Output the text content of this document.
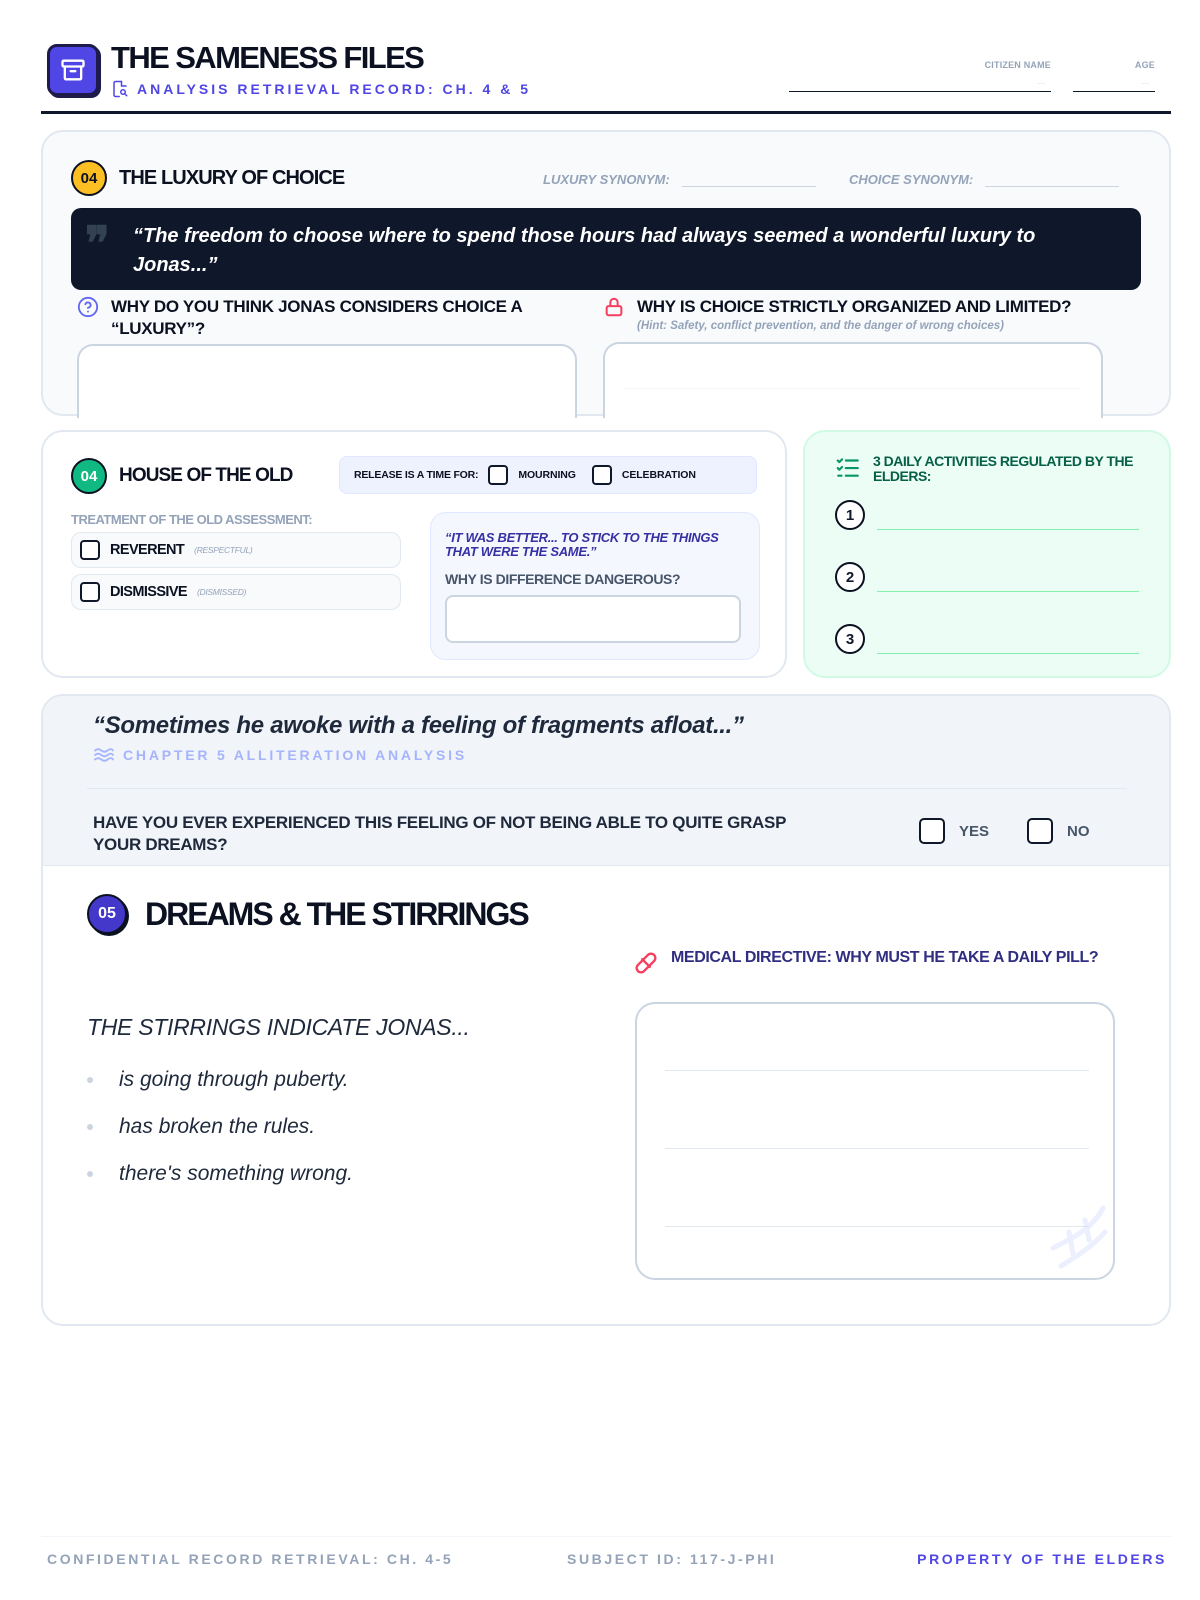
THE SAMENESS FILES
ANALYSIS RETRIEVAL RECORD: CH. 4 & 5
CITIZEN NAME
...
AGE
...
04	THE LUXURY OF CHOICE	LUXURY SYNONYM:	CHOICE SYNONYM:
❞ “The freedom to choose where to spend those hours had always seemed a wonderful luxury to Jonas...”
WHY DO YOU THINK JONAS CONSIDERS CHOICE A “LUXURY”?
WHY IS CHOICE STRICTLY ORGANIZED AND LIMITED?
(Hint: Safety, conflict prevention, and the danger of wrong choices)
04	HOUSE OF THE OLD	RELEASE IS A TIME FOR:	MOURNING	CELEBRATION
TREATMENT OF THE OLD ASSESSMENT:
REVERENT (RESPECTFUL)
DISMISSIVE (DISMISSED)
“IT WAS BETTER... TO STICK TO THE THINGS THAT WERE THE SAME.”
WHY IS DIFFERENCE DANGEROUS?
3 DAILY ACTIVITIES REGULATED BY THE ELDERS:
1
2
3
“Sometimes he awoke with a feeling of fragments afloat...”
CHAPTER 5 ALLITERATION ANALYSIS
HAVE YOU EVER EXPERIENCED THIS FEELING OF NOT BEING ABLE TO QUITE GRASP YOUR DREAMS?
YES	NO
05 DREAMS & THE STIRRINGS
THE STIRRINGS INDICATE JONAS...
is going through puberty.
has broken the rules.
there's something wrong.
MEDICAL DIRECTIVE: WHY MUST HE TAKE A DAILY PILL?
CONFIDENTIAL RECORD RETRIEVAL: CH. 4-5	SUBJECT ID: 117-J-PHI	PROPERTY OF THE ELDERS
